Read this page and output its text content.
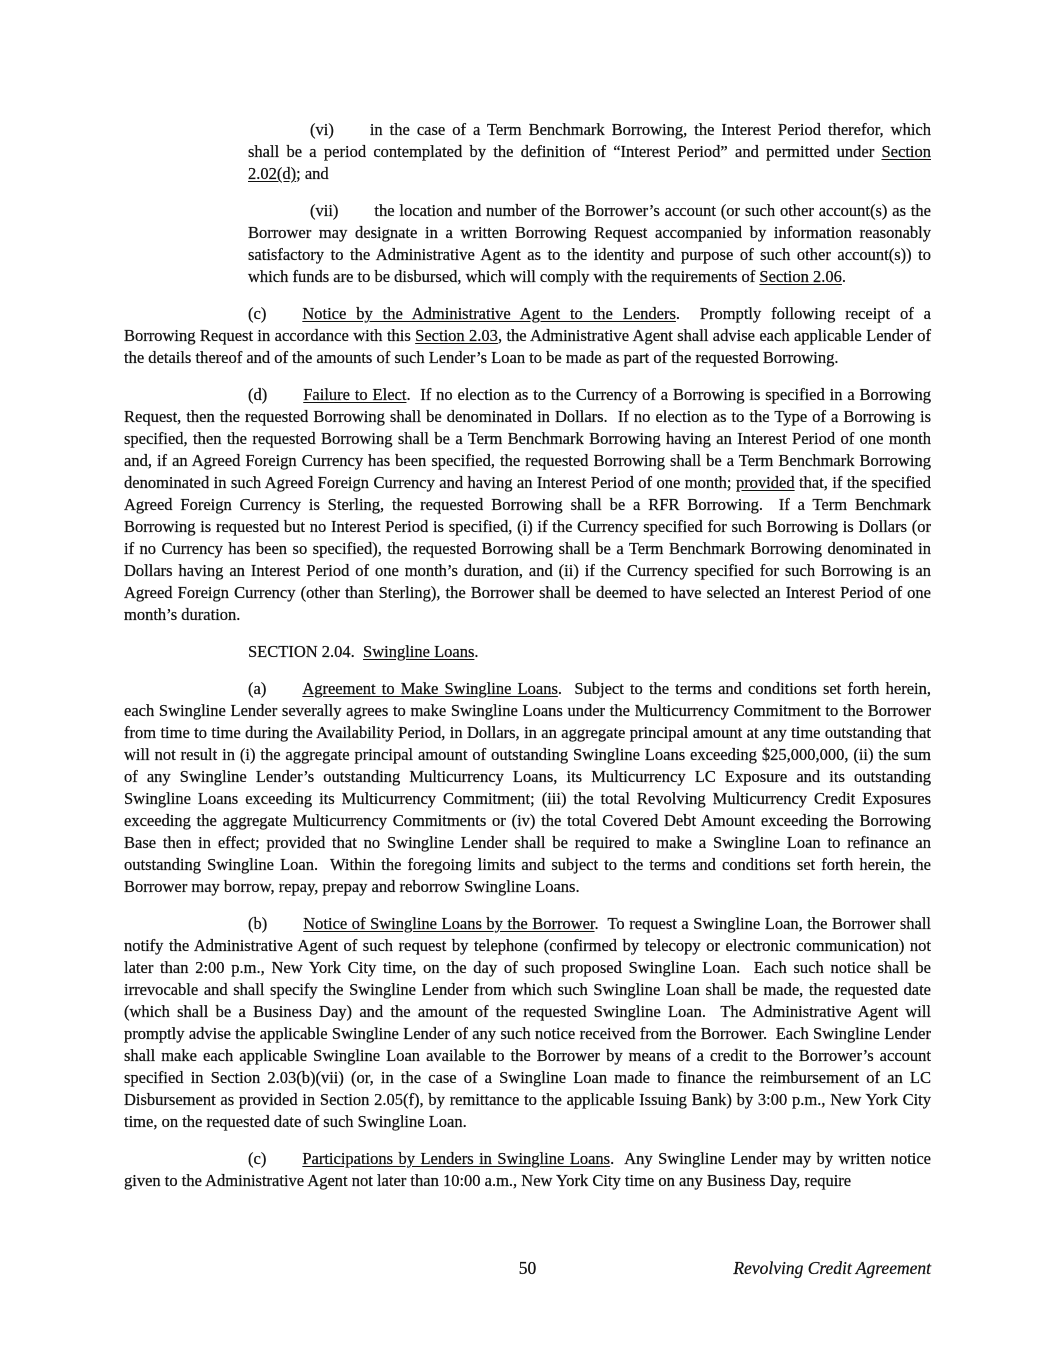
(vi) in the case of a Term Benchmark Borrowing, the Interest Period therefor, which shall be a period contemplated by the definition of “Interest Period” and permitted under Section 2.02(d); and

(vii) the location and number of the Borrower’s account (or such other account(s) as the Borrower may designate in a written Borrowing Request accompanied by information reasonably satisfactory to the Administrative Agent as to the identity and purpose of such other account(s)) to which funds are to be disbursed, which will comply with the requirements of Section 2.06.

(c) Notice by the Administrative Agent to the Lenders.  Promptly following receipt of a Borrowing Request in accordance with this Section 2.03, the Administrative Agent shall advise each applicable Lender of the details thereof and of the amounts of such Lender’s Loan to be made as part of the requested Borrowing.

(d) Failure to Elect.  If no election as to the Currency of a Borrowing is specified in a Borrowing Request, then the requested Borrowing shall be denominated in Dollars.  If no election as to the Type of a Borrowing is specified, then the requested Borrowing shall be a Term Benchmark Borrowing having an Interest Period of one month and, if an Agreed Foreign Currency has been specified, the requested Borrowing shall be a Term Benchmark Borrowing denominated in such Agreed Foreign Currency and having an Interest Period of one month; provided that, if the specified Agreed Foreign Currency is Sterling, the requested Borrowing shall be a RFR Borrowing.  If a Term Benchmark Borrowing is requested but no Interest Period is specified, (i) if the Currency specified for such Borrowing is Dollars (or if no Currency has been so specified), the requested Borrowing shall be a Term Benchmark Borrowing denominated in Dollars having an Interest Period of one month’s duration, and (ii) if the Currency specified for such Borrowing is an Agreed Foreign Currency (other than Sterling), the Borrower shall be deemed to have selected an Interest Period of one month’s duration.

SECTION 2.04.  Swingline Loans.

(a) Agreement to Make Swingline Loans.  Subject to the terms and conditions set forth herein, each Swingline Lender severally agrees to make Swingline Loans under the Multicurrency Commitment to the Borrower from time to time during the Availability Period, in Dollars, in an aggregate principal amount at any time outstanding that will not result in (i) the aggregate principal amount of outstanding Swingline Loans exceeding $25,000,000, (ii) the sum of any Swingline Lender’s outstanding Multicurrency Loans, its Multicurrency LC Exposure and its outstanding Swingline Loans exceeding its Multicurrency Commitment; (iii) the total Revolving Multicurrency Credit Exposures exceeding the aggregate Multicurrency Commitments or (iv) the total Covered Debt Amount exceeding the Borrowing Base then in effect; provided that no Swingline Lender shall be required to make a Swingline Loan to refinance an outstanding Swingline Loan.  Within the foregoing limits and subject to the terms and conditions set forth herein, the Borrower may borrow, repay, prepay and reborrow Swingline Loans.

(b) Notice of Swingline Loans by the Borrower.  To request a Swingline Loan, the Borrower shall notify the Administrative Agent of such request by telephone (confirmed by telecopy or electronic communication) not later than 2:00 p.m., New York City time, on the day of such proposed Swingline Loan.  Each such notice shall be irrevocable and shall specify the Swingline Lender from which such Swingline Loan shall be made, the requested date (which shall be a Business Day) and the amount of the requested Swingline Loan.  The Administrative Agent will promptly advise the applicable Swingline Lender of any such notice received from the Borrower.  Each Swingline Lender shall make each applicable Swingline Loan available to the Borrower by means of a credit to the Borrower’s account specified in Section 2.03(b)(vii) (or, in the case of a Swingline Loan made to finance the reimbursement of an LC Disbursement as provided in Section 2.05(f), by remittance to the applicable Issuing Bank) by 3:00 p.m., New York City time, on the requested date of such Swingline Loan.

(c) Participations by Lenders in Swingline Loans.  Any Swingline Lender may by written notice given to the Administrative Agent not later than 10:00 a.m., New York City time on any Business Day, require

50	Revolving Credit Agreement
